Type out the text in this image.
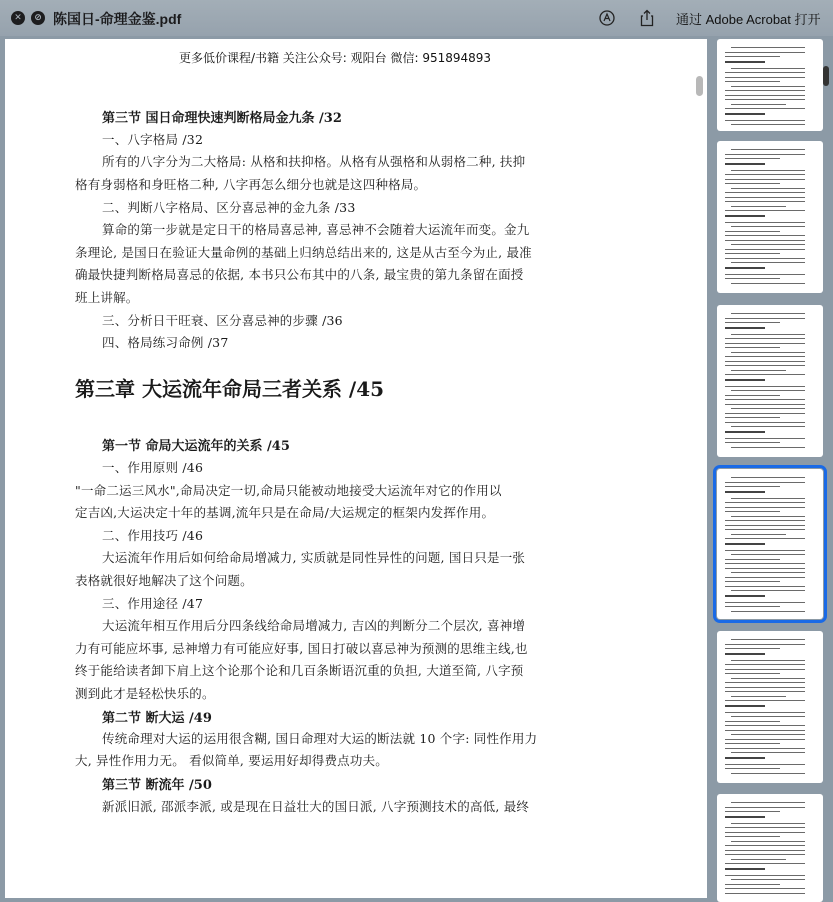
✕	⊘ 陈国日-命理金鉴.pdf	通过 Adobe Acrobat 打开
更多低价课程/书籍 关注公众号: 观阳台 微信: 951894893
第三节 国日命理快速判断格局金九条 /32
一、八字格局 /32
所有的八字分为二大格局: 从格和扶抑格。从格有从强格和从弱格二种, 扶抑
格有身弱格和身旺格二种, 八字再怎么细分也就是这四种格局。
二、判断八字格局、区分喜忌神的金九条 /33
算命的第一步就是定日干的格局喜忌神, 喜忌神不会随着大运流年而变。金九
条理论, 是国日在验证大量命例的基础上归纳总结出来的, 这是从古至今为止, 最准
确最快捷判断格局喜忌的依据, 本书只公布其中的八条, 最宝贵的第九条留在面授
班上讲解。
三、分析日干旺衰、区分喜忌神的步骤 /36
四、格局练习命例 /37
第三章 大运流年命局三者关系 /45
第一节 命局大运流年的关系 /45
一、作用原则 /46
"一命二运三风水",命局决定一切,命局只能被动地接受大运流年对它的作用以
定吉凶,大运决定十年的基调,流年只是在命局/大运规定的框架内发挥作用。
二、作用技巧 /46
大运流年作用后如何给命局增减力, 实质就是同性异性的问题, 国日只是一张
表格就很好地解决了这个问题。
三、作用途径 /47
大运流年相互作用后分四条线给命局增减力, 吉凶的判断分二个层次, 喜神增
力有可能应坏事, 忌神增力有可能应好事, 国日打破以喜忌神为预测的思维主线,也
终于能给读者卸下肩上这个论那个论和几百条断语沉重的负担, 大道至简, 八字预
测到此才是轻松快乐的。
第二节 断大运 /49
传统命理对大运的运用很含糊, 国日命理对大运的断法就 10 个字: 同性作用力
大, 异性作用力无。 看似简单, 要运用好却得费点功夫。
第三节 断流年 /50
新派旧派, 邵派李派, 或是现在日益壮大的国日派, 八字预测技术的高低, 最终
